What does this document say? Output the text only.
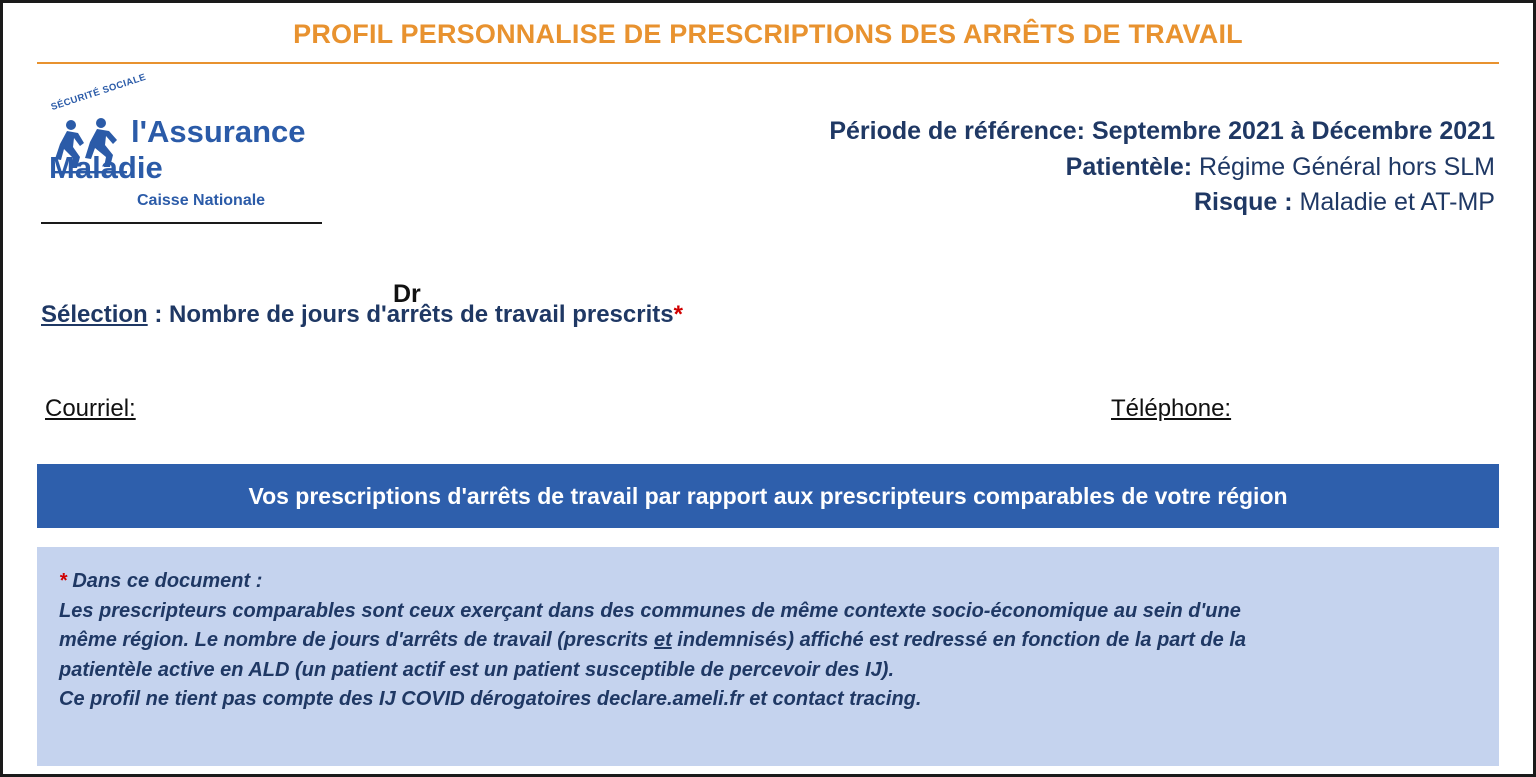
PROFIL PERSONNALISE DE PRESCRIPTIONS DES ARRÊTS DE TRAVAIL
SÉCURITÉ SOCIALE
l'Assurance
Maladie
Caisse Nationale
Dr
Période de référence: Septembre 2021 à Décembre 2021
Patientèle: Régime Général hors SLM
Risque : Maladie et AT-MP
Sélection : Nombre de jours d'arrêts de travail prescrits*
Courriel:	Téléphone:
Vos prescriptions d'arrêts de travail par rapport aux prescripteurs comparables de votre région
* Dans ce document :
Les prescripteurs comparables sont ceux exerçant dans des communes de même contexte socio-économique au sein d'une
même région. Le nombre de jours d'arrêts de travail (prescrits et indemnisés) affiché est redressé en fonction de la part de la
patientèle active en ALD (un patient actif est un patient susceptible de percevoir des IJ).
Ce profil ne tient pas compte des IJ COVID dérogatoires declare.ameli.fr et contact tracing.
